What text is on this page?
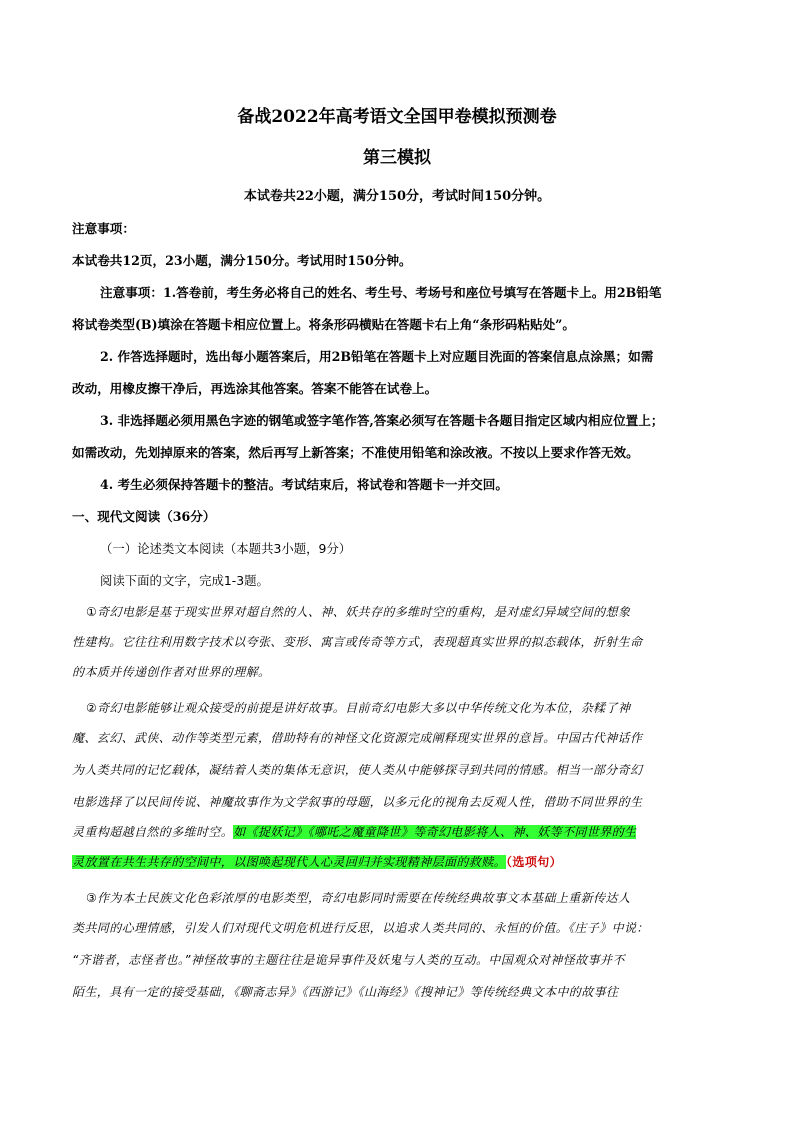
备战2022年高考语文全国甲卷模拟预测卷
第三模拟
本试卷共22小题，满分150分，考试时间150分钟。
注意事项：
本试卷共12页，23小题，满分150分。考试用时150分钟。
注意事项：1.答卷前，考生务必将自己的姓名、考生号、考场号和座位号填写在答题卡上。用2B铅笔
将试卷类型(B)填涂在答题卡相应位置上。将条形码横贴在答题卡右上角“条形码粘贴处”。
2. 作答选择题时，选出每小题答案后，用2B铅笔在答题卡上对应题目洗面的答案信息点涂黑；如需
改动，用橡皮擦干净后，再选涂其他答案。答案不能答在试卷上。
3. 非选择题必须用黑色字迹的钢笔或签字笔作答,答案必须写在答题卡各题目指定区域内相应位置上；
如需改动，先划掉原来的答案，然后再写上新答案；不准使用铅笔和涂改液。不按以上要求作答无效。
4. 考生必须保持答题卡的整洁。考试结束后，将试卷和答题卡一并交回。
一、现代文阅读（36分）
（一）论述类文本阅读（本题共3小题，9分）
阅读下面的文字，完成1-3题。
①奇幻电影是基于现实世界对超自然的人、神、妖共存的多维时空的重构，是对虚幻异域空间的想象
性建构。它往往利用数字技术以夸张、变形、寓言或传奇等方式，表现超真实世界的拟态载体，折射生命
的本质并传递创作者对世界的理解。
②奇幻电影能够让观众接受的前提是讲好故事。目前奇幻电影大多以中华传统文化为本位，杂糅了神
魔、玄幻、武侠、动作等类型元素，借助特有的神怪文化资源完成阐释现实世界的意旨。中国古代神话作
为人类共同的记忆载体，凝结着人类的集体无意识，使人类从中能够探寻到共同的情感。相当一部分奇幻
电影选择了以民间传说、神魔故事作为文学叙事的母题，以多元化的视角去反观人性，借助不同世界的生
灵重构超越自然的多维时空。如《捉妖记》《哪吒之魔童降世》等奇幻电影将人、神、妖等不同世界的生
灵放置在共生共存的空间中，以图唤起现代人心灵回归并实现精神层面的救赎。（选项句）
③作为本土民族文化色彩浓厚的电影类型，奇幻电影同时需要在传统经典故事文本基础上重新传达人
类共同的心理情感，引发人们对现代文明危机进行反思，以追求人类共同的、永恒的价值。《庄子》中说：
“齐谐者，志怪者也。”神怪故事的主题往往是诡异事件及妖鬼与人类的互动。中国观众对神怪故事并不
陌生，具有一定的接受基础，《聊斋志异》《西游记》《山海经》《搜神记》等传统经典文本中的故事往
